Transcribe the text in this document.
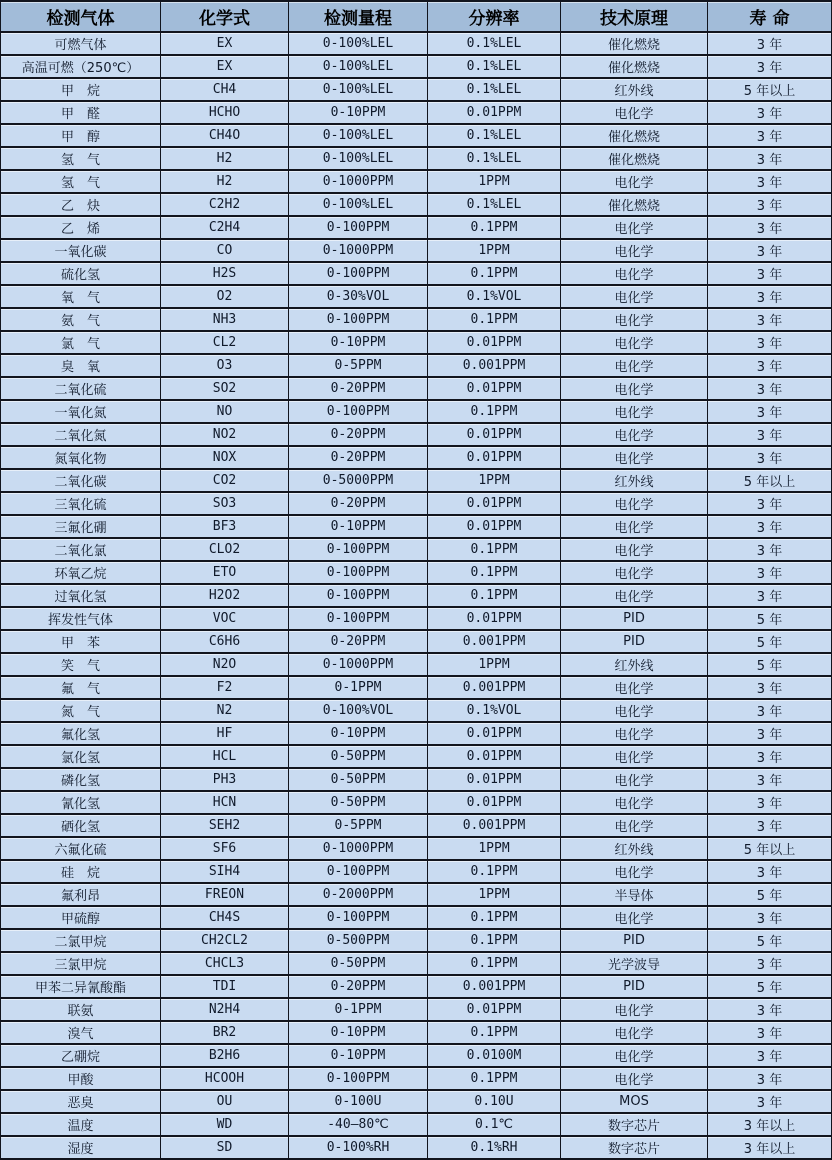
检测气体	化学式	检测量程	分辨率	技术原理	寿 命
可燃气体	EX	0-100%LEL	0.1%LEL	催化燃烧	3 年
高温可燃（250℃）	EX	0-100%LEL	0.1%LEL	催化燃烧	3 年
甲　烷	CH4	0-100%LEL	0.1%LEL	红外线	5 年以上
甲　醛	HCHO	0-10PPM	0.01PPM	电化学	3 年
甲　醇	CH4O	0-100%LEL	0.1%LEL	催化燃烧	3 年
氢　气	H2	0-100%LEL	0.1%LEL	催化燃烧	3 年
氢　气	H2	0-1000PPM	1PPM	电化学	3 年
乙　炔	C2H2	0-100%LEL	0.1%LEL	催化燃烧	3 年
乙　烯	C2H4	0-100PPM	0.1PPM	电化学	3 年
一氧化碳	CO	0-1000PPM	1PPM	电化学	3 年
硫化氢	H2S	0-100PPM	0.1PPM	电化学	3 年
氧　气	O2	0-30%VOL	0.1%VOL	电化学	3 年
氨　气	NH3	0-100PPM	0.1PPM	电化学	3 年
氯　气	CL2	0-10PPM	0.01PPM	电化学	3 年
臭　氧	O3	0-5PPM	0.001PPM	电化学	3 年
二氧化硫	SO2	0-20PPM	0.01PPM	电化学	3 年
一氧化氮	NO	0-100PPM	0.1PPM	电化学	3 年
二氧化氮	NO2	0-20PPM	0.01PPM	电化学	3 年
氮氧化物	NOX	0-20PPM	0.01PPM	电化学	3 年
二氧化碳	CO2	0-5000PPM	1PPM	红外线	5 年以上
三氧化硫	SO3	0-20PPM	0.01PPM	电化学	3 年
三氟化硼	BF3	0-10PPM	0.01PPM	电化学	3 年
二氧化氯	CLO2	0-100PPM	0.1PPM	电化学	3 年
环氧乙烷	ETO	0-100PPM	0.1PPM	电化学	3 年
过氧化氢	H2O2	0-100PPM	0.1PPM	电化学	3 年
挥发性气体	VOC	0-100PPM	0.01PPM	PID	5 年
甲　苯	C6H6	0-20PPM	0.001PPM	PID	5 年
笑　气	N2O	0-1000PPM	1PPM	红外线	5 年
氟　气	F2	0-1PPM	0.001PPM	电化学	3 年
氮　气	N2	0-100%VOL	0.1%VOL	电化学	3 年
氟化氢	HF	0-10PPM	0.01PPM	电化学	3 年
氯化氢	HCL	0-50PPM	0.01PPM	电化学	3 年
磷化氢	PH3	0-50PPM	0.01PPM	电化学	3 年
氰化氢	HCN	0-50PPM	0.01PPM	电化学	3 年
硒化氢	SEH2	0-5PPM	0.001PPM	电化学	3 年
六氟化硫	SF6	0-1000PPM	1PPM	红外线	5 年以上
硅　烷	SIH4	0-100PPM	0.1PPM	电化学	3 年
氟利昂	FREON	0-2000PPM	1PPM	半导体	5 年
甲硫醇	CH4S	0-100PPM	0.1PPM	电化学	3 年
二氯甲烷	CH2CL2	0-500PPM	0.1PPM	PID	5 年
三氯甲烷	CHCL3	0-50PPM	0.1PPM	光学波导	3 年
甲苯二异氰酸酯	TDI	0-20PPM	0.001PPM	PID	5 年
联氨	N2H4	0-1PPM	0.01PPM	电化学	3 年
溴气	BR2	0-10PPM	0.1PPM	电化学	3 年
乙硼烷	B2H6	0-10PPM	0.0100M	电化学	3 年
甲酸	HCOOH	0-100PPM	0.1PPM	电化学	3 年
恶臭	OU	0-100U	0.10U	MOS	3 年
温度	WD	-40—80℃	0.1℃	数字芯片	3 年以上
湿度	SD	0-100%RH	0.1%RH	数字芯片	3 年以上
